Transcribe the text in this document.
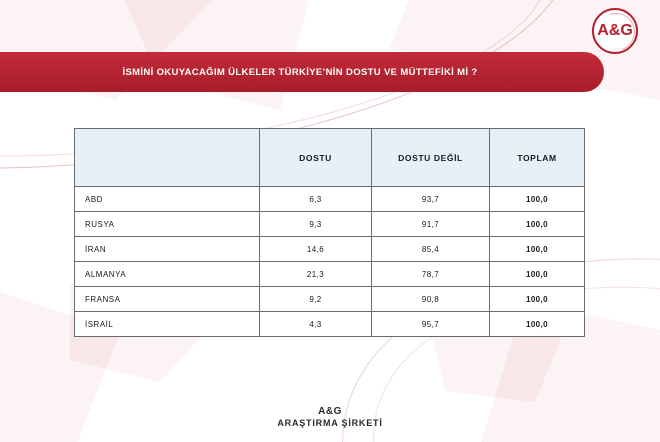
A&G
İSMİNİ OKUYACAĞIM ÜLKELER TÜRKİYE’NİN DOSTU VE MÜTTEFİKİ Mİ ?
	DOSTU	DOSTU DEĞİL	TOPLAM
ABD	6,3	93,7	100,0
RUSYA	9,3	91,7	100,0
İRAN	14,6	85,4	100,0
ALMANYA	21,3	78,7	100,0
FRANSA	9,2	90,8	100,0
İSRAİL	4,3	95,7	100,0
A&G
ARAŞTIRMA ŞİRKETİ
